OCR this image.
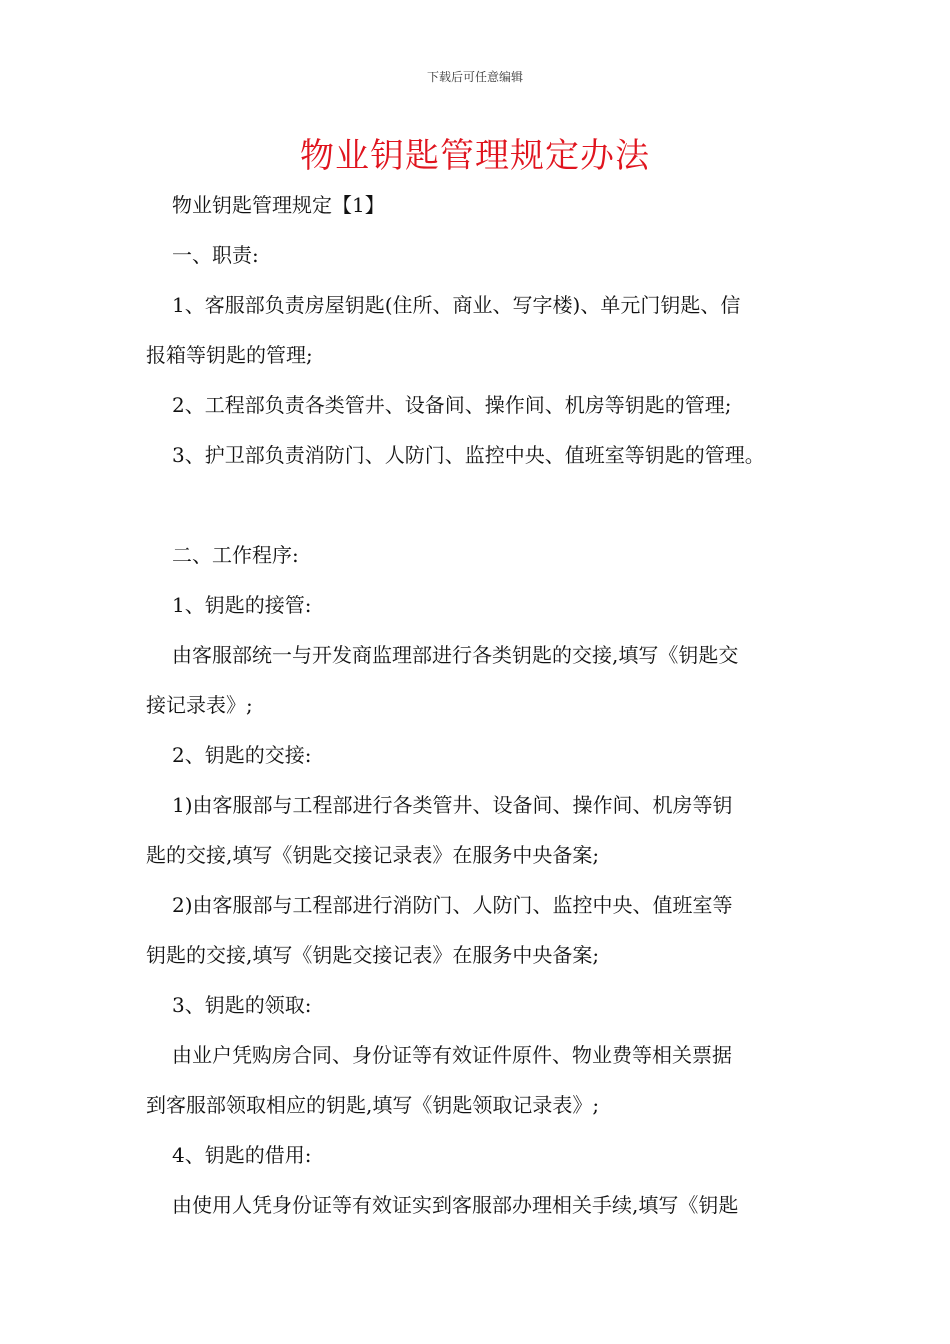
下载后可任意编辑
物业钥匙管理规定办法

物业钥匙管理规定【1】

一、职责:

1、客服部负责房屋钥匙(住所、商业、写字楼)、单元门钥匙、信

报箱等钥匙的管理;

2、工程部负责各类管井、设备间、操作间、机房等钥匙的管理;

3、护卫部负责消防门、人防门、监控中央、值班室等钥匙的管理。

二、工作程序:

1、钥匙的接管:

由客服部统一与开发商监理部进行各类钥匙的交接,填写《钥匙交

接记录表》;

2、钥匙的交接:

1)由客服部与工程部进行各类管井、设备间、操作间、机房等钥

匙的交接,填写《钥匙交接记录表》在服务中央备案;

2)由客服部与工程部进行消防门、人防门、监控中央、值班室等

钥匙的交接,填写《钥匙交接记表》在服务中央备案;

3、钥匙的领取:

由业户凭购房合同、身份证等有效证件原件、物业费等相关票据

到客服部领取相应的钥匙,填写《钥匙领取记录表》;

4、钥匙的借用:

由使用人凭身份证等有效证实到客服部办理相关手续,填写《钥匙
